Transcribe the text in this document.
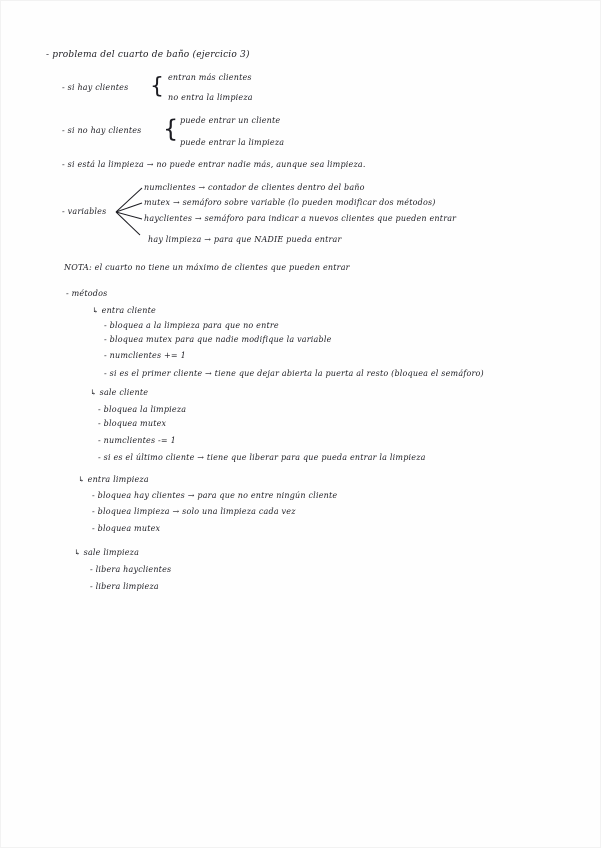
- problema del cuarto de baño (ejercicio 3)
- si hay clientes { entran más clientes
no entra la limpieza
- si no hay clientes { puede entrar un cliente
puede entrar la limpieza
- si está la limpieza → no puede entrar nadie más, aunque sea limpieza.
- variables
numclientes → contador de clientes dentro del baño
mutex → semáforo sobre variable (lo pueden modificar dos métodos)
hayclientes → semáforo para indicar a nuevos clientes que pueden entrar
hay limpieza → para que NADIE pueda entrar
NOTA: el cuarto no tiene un máximo de clientes que pueden entrar
- métodos
↳ entra cliente
- bloquea a la limpieza para que no entre
- bloquea mutex para que nadie modifique la variable
- numclientes += 1
- si es el primer cliente → tiene que dejar abierta la puerta al resto (bloquea el semáforo)
↳ sale cliente
- bloquea la limpieza
- bloquea mutex
- numclientes -= 1
- si es el último cliente → tiene que liberar para que pueda entrar la limpieza
↳ entra limpieza
- bloquea hay clientes → para que no entre ningún cliente
- bloquea limpieza → solo una limpieza cada vez
- bloquea mutex
↳ sale limpieza
- libera hayclientes
- libera limpieza
